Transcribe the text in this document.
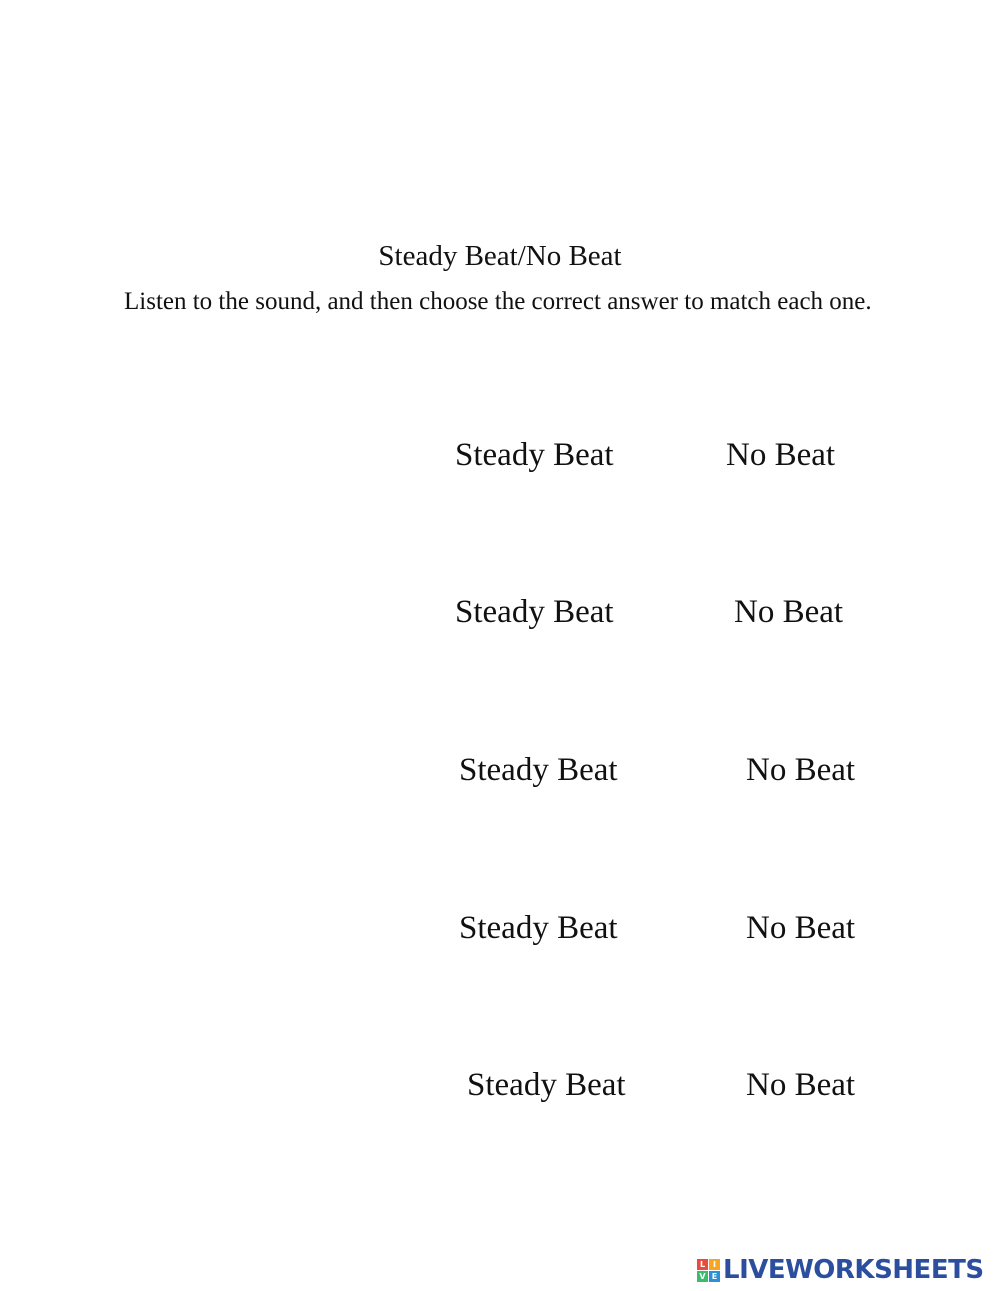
Steady Beat/No Beat
Listen to the sound, and then choose the correct answer to match each one.
Steady Beat	No Beat
Steady Beat	No Beat
Steady Beat	No Beat
Steady Beat	No Beat
Steady Beat	No Beat
L I
V E LIVEWORKSHEETS
